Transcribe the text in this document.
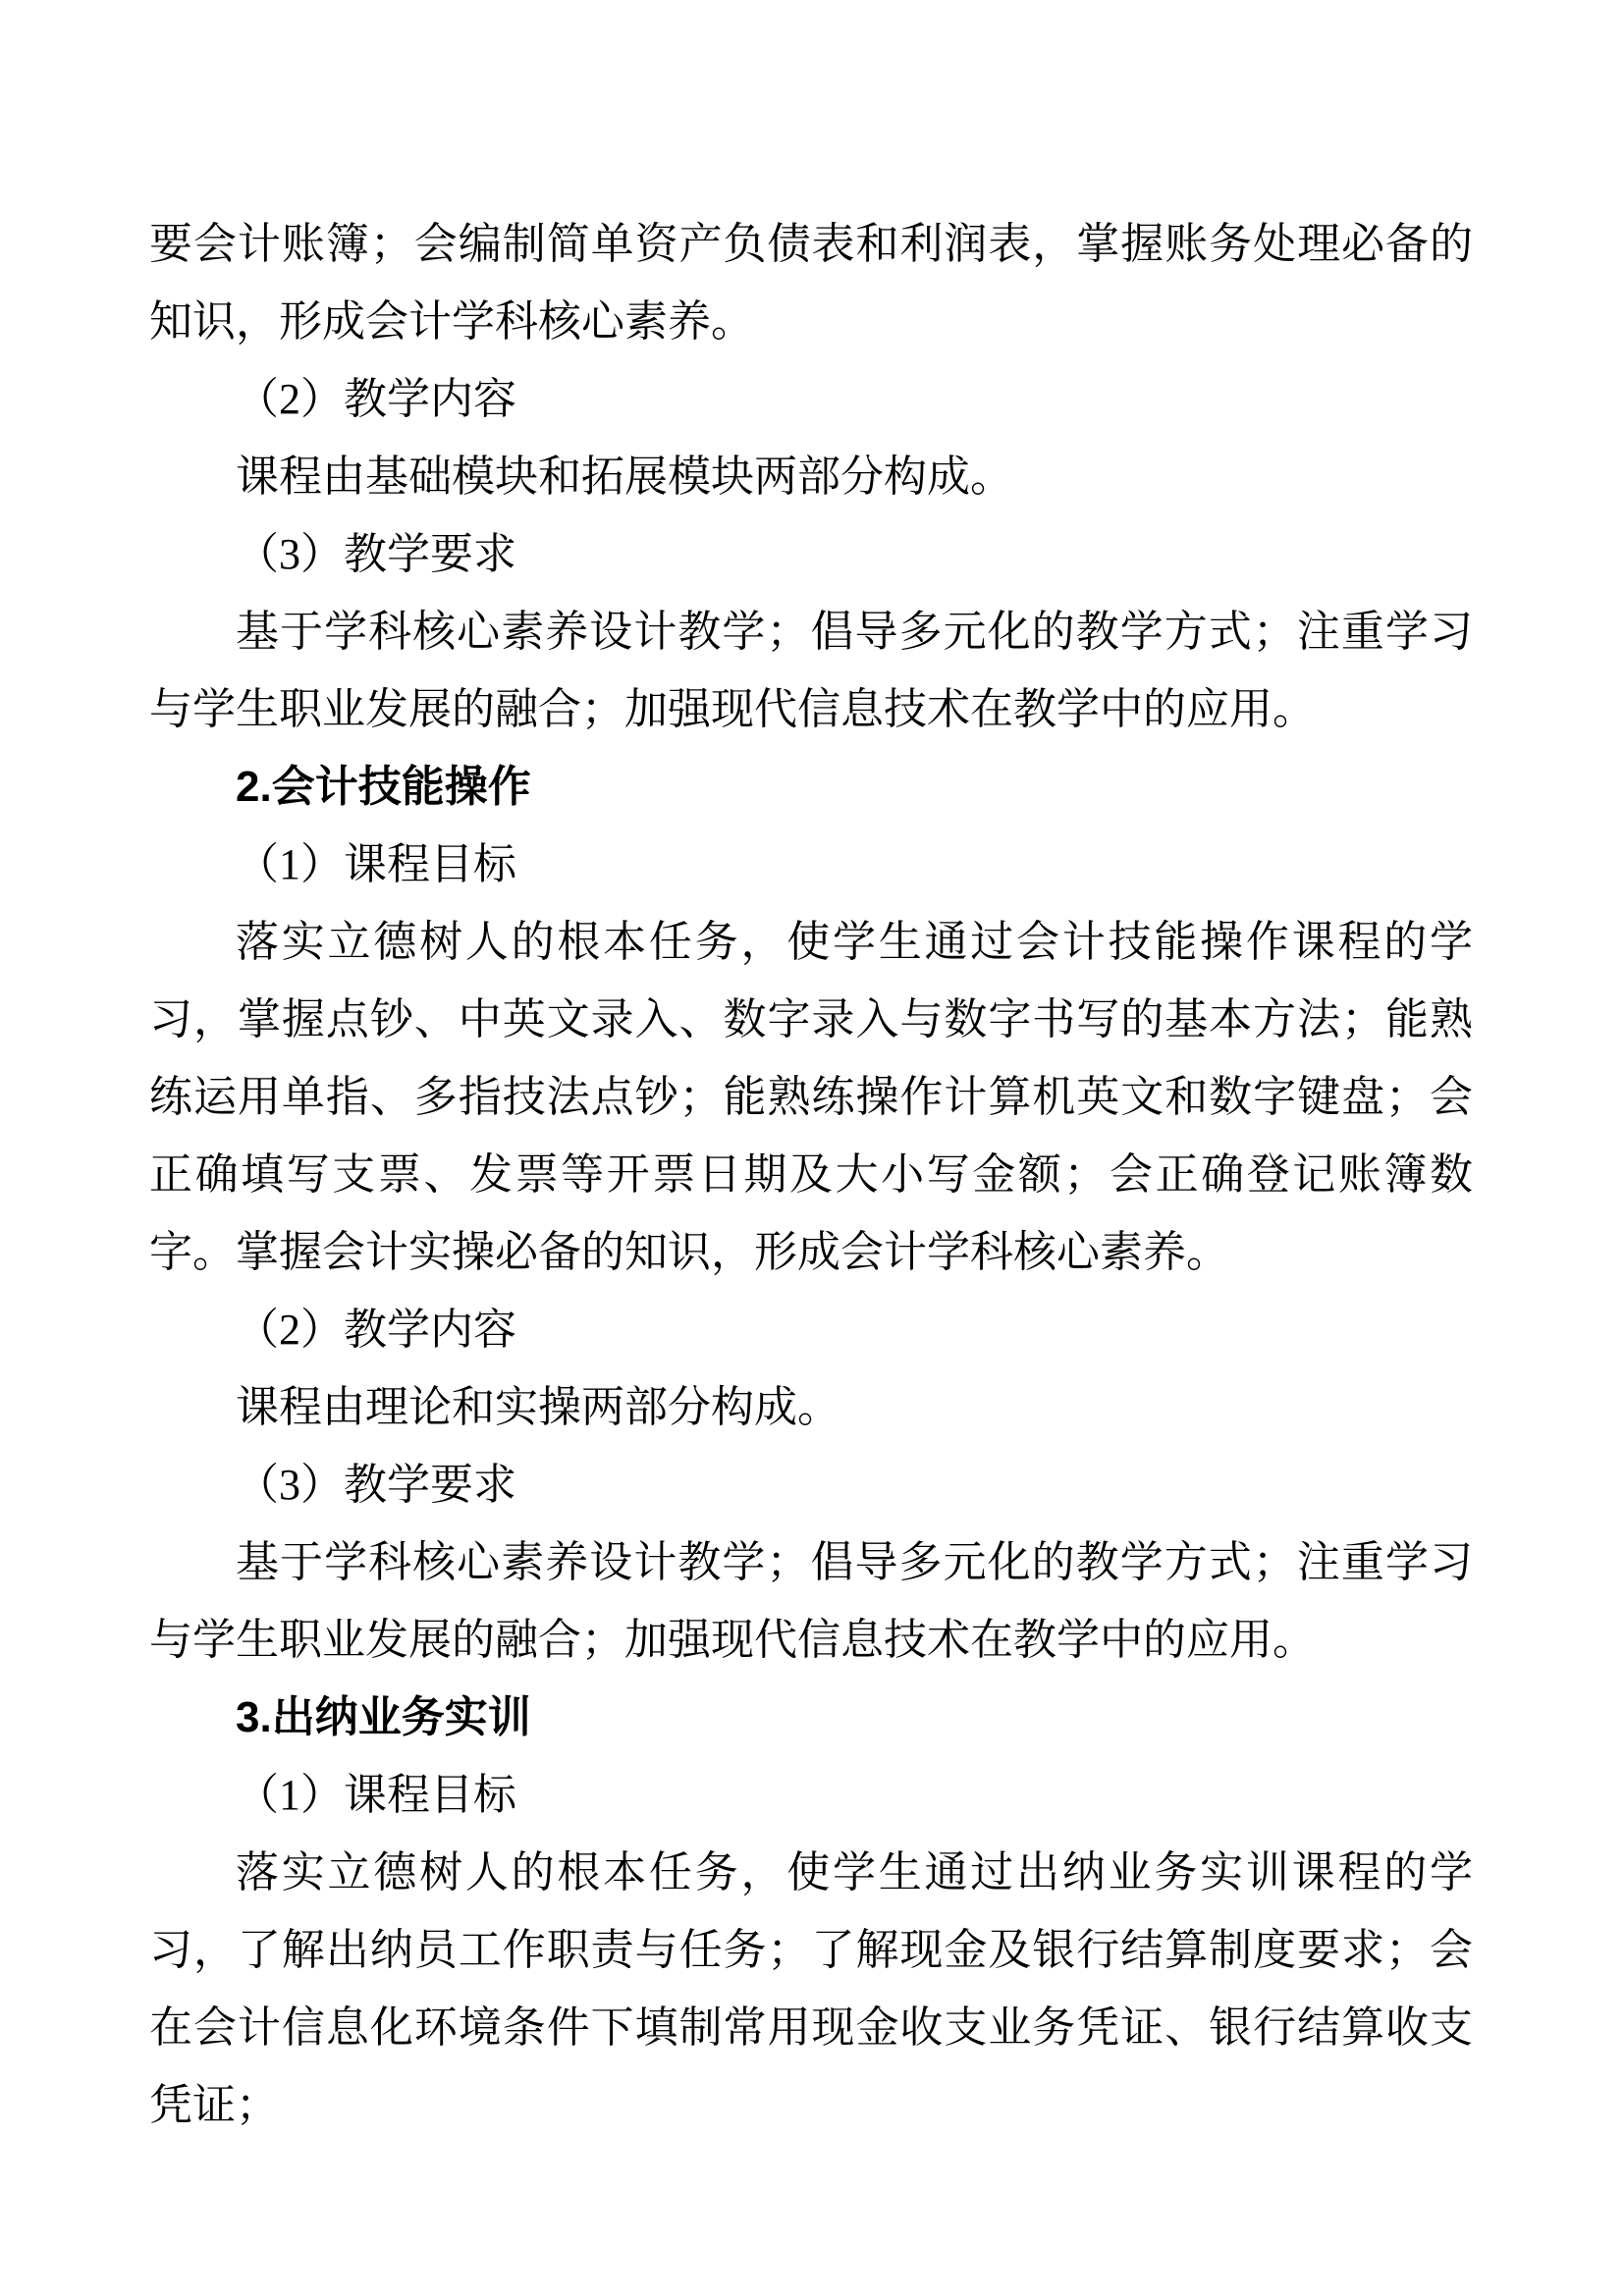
要会计账簿；会编制简单资产负债表和利润表，掌握账务处理必备的知识，形成会计学科核心素养。

（2）教学内容

课程由基础模块和拓展模块两部分构成。

（3）教学要求

基于学科核心素养设计教学；倡导多元化的教学方式；注重学习与学生职业发展的融合；加强现代信息技术在教学中的应用。

2.会计技能操作

（1）课程目标

落实立德树人的根本任务，使学生通过会计技能操作课程的学习，掌握点钞、中英文录入、数字录入与数字书写的基本方法；能熟练运用单指、多指技法点钞；能熟练操作计算机英文和数字键盘；会正确填写支票、发票等开票日期及大小写金额；会正确登记账簿数字。掌握会计实操必备的知识，形成会计学科核心素养。

（2）教学内容

课程由理论和实操两部分构成。

（3）教学要求

基于学科核心素养设计教学；倡导多元化的教学方式；注重学习与学生职业发展的融合；加强现代信息技术在教学中的应用。

3.出纳业务实训

（1）课程目标

落实立德树人的根本任务，使学生通过出纳业务实训课程的学习，了解出纳员工作职责与任务；了解现金及银行结算制度要求；会在会计信息化环境条件下填制常用现金收支业务凭证、银行结算收支凭证；
